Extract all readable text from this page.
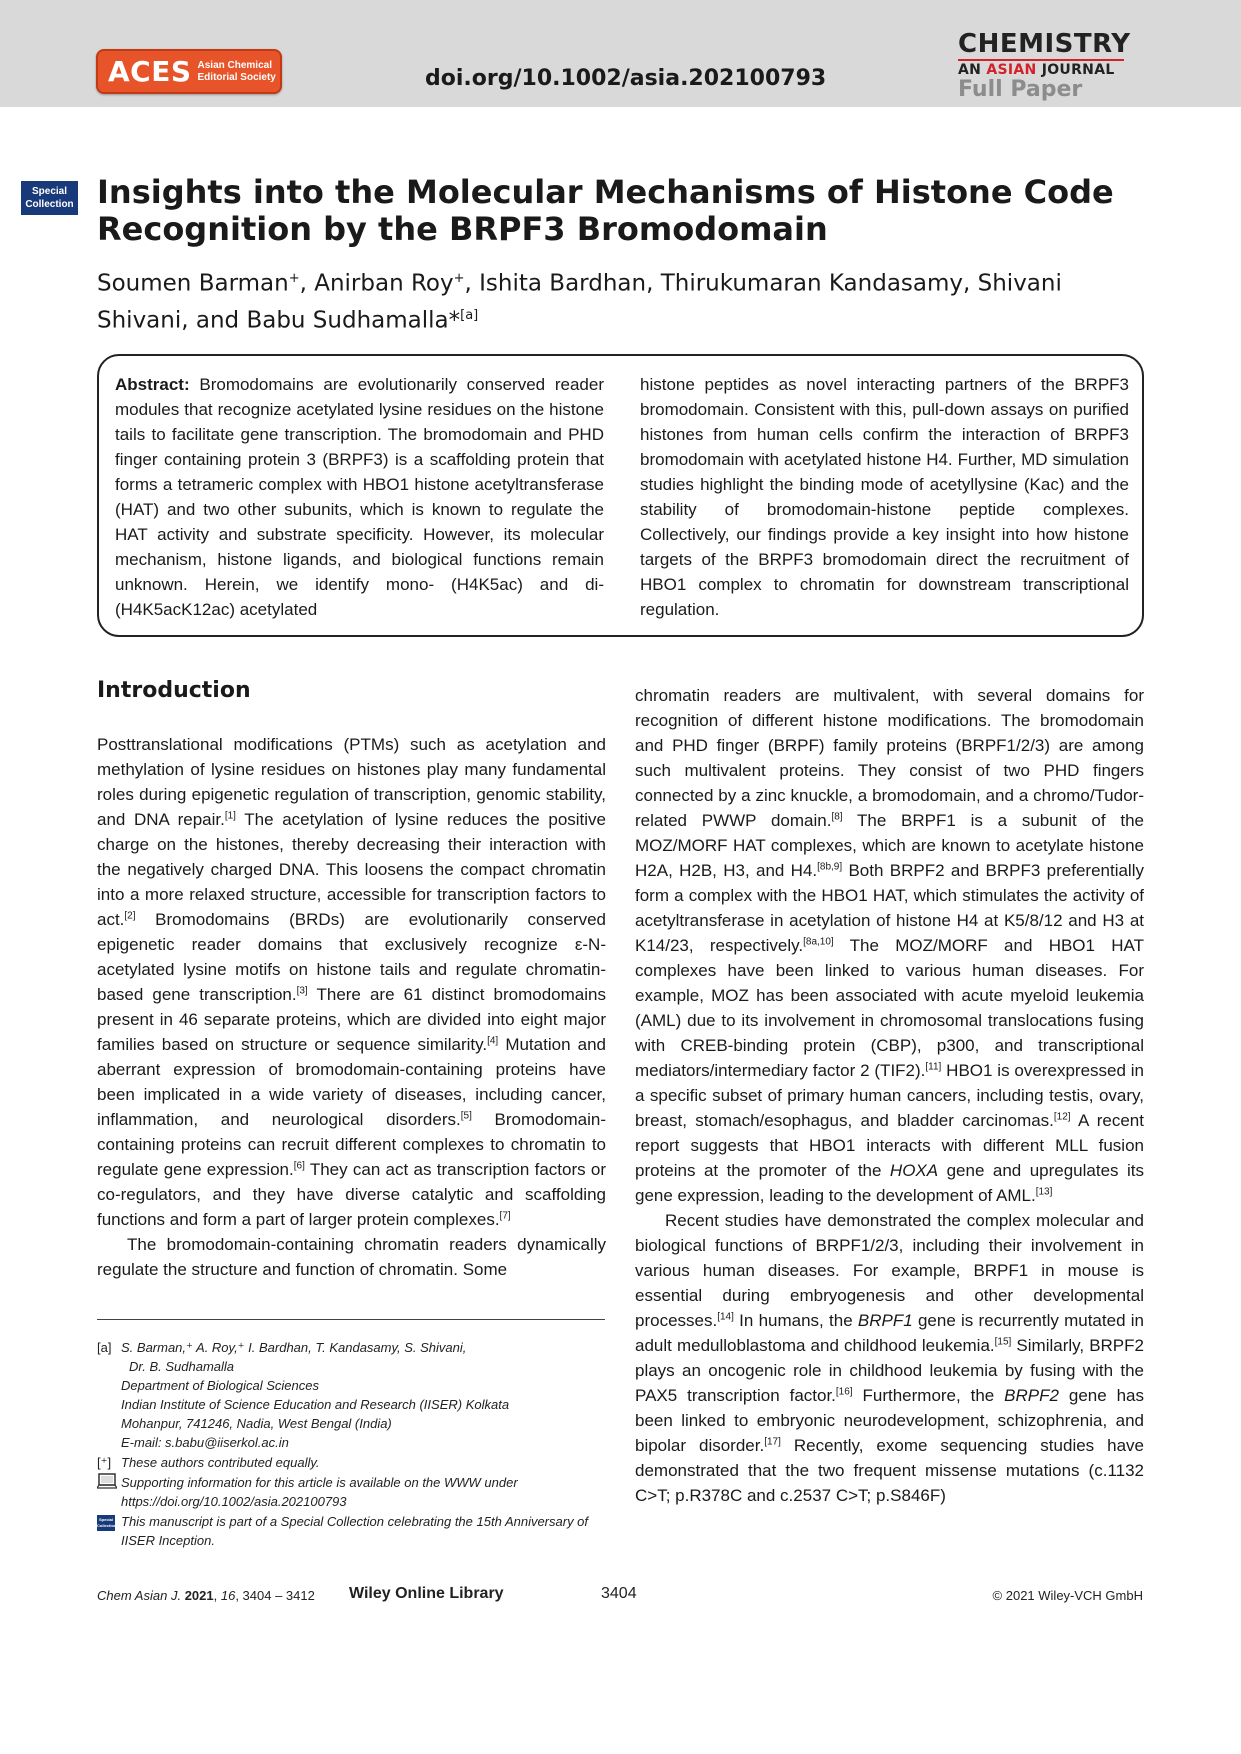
ACES Asian Chemical
Editorial Society	doi.org/10.1002/asia.202100793
CHEMISTRY
AN ASIAN JOURNAL
Full Paper
Special
Collection Insights into the Molecular Mechanisms of Histone Code Recognition by the BRPF3 Bromodomain
Soumen Barman+, Anirban Roy+, Ishita Bardhan, Thirukumaran Kandasamy, Shivani Shivani, and Babu Sudhamalla*[a]
Abstract: Bromodomains are evolutionarily conserved reader modules that recognize acetylated lysine residues on the histone tails to facilitate gene transcription. The bromodomain and PHD finger containing protein 3 (BRPF3) is a scaffolding protein that forms a tetrameric complex with HBO1 histone acetyltransferase (HAT) and two other subunits, which is known to regulate the HAT activity and substrate specificity. However, its molecular mechanism, histone ligands, and biological functions remain unknown. Herein, we identify mono- (H4K5ac) and di- (H4K5acK12ac) acetylated
histone peptides as novel interacting partners of the BRPF3 bromodomain. Consistent with this, pull-down assays on purified histones from human cells confirm the interaction of BRPF3 bromodomain with acetylated histone H4. Further, MD simulation studies highlight the binding mode of acetyllysine (Kac) and the stability of bromodomain-histone peptide complexes. Collectively, our findings provide a key insight into how histone targets of the BRPF3 bromodomain direct the recruitment of HBO1 complex to chromatin for downstream transcriptional regulation.
Introduction

Posttranslational modifications (PTMs) such as acetylation and methylation of lysine residues on histones play many fundamental roles during epigenetic regulation of transcription, genomic stability, and DNA repair.[1] The acetylation of lysine reduces the positive charge on the histones, thereby decreasing their interaction with the negatively charged DNA. This loosens the compact chromatin into a more relaxed structure, accessible for transcription factors to act.[2] Bromodomains (BRDs) are evolutionarily conserved epigenetic reader domains that exclusively recognize ε-N-acetylated lysine motifs on histone tails and regulate chromatin-based gene transcription.[3] There are 61 distinct bromodomains present in 46 separate proteins, which are divided into eight major families based on structure or sequence similarity.[4] Mutation and aberrant expression of bromodomain-containing proteins have been implicated in a wide variety of diseases, including cancer, inflammation, and neurological disorders.[5] Bromodomain-containing proteins can recruit different complexes to chromatin to regulate gene expression.[6] They can act as transcription factors or co-regulators, and they have diverse catalytic and scaffolding functions and form a part of larger protein complexes.[7]

The bromodomain-containing chromatin readers dynamically regulate the structure and function of chromatin. Some

chromatin readers are multivalent, with several domains for recognition of different histone modifications. The bromodomain and PHD finger (BRPF) family proteins (BRPF1/2/3) are among such multivalent proteins. They consist of two PHD fingers connected by a zinc knuckle, a bromodomain, and a chromo/Tudor-related PWWP domain.[8] The BRPF1 is a subunit of the MOZ/MORF HAT complexes, which are known to acetylate histone H2A, H2B, H3, and H4.[8b,9] Both BRPF2 and BRPF3 preferentially form a complex with the HBO1 HAT, which stimulates the activity of acetyltransferase in acetylation of histone H4 at K5/8/12 and H3 at K14/23, respectively.[8a,10] The MOZ/MORF and HBO1 HAT complexes have been linked to various human diseases. For example, MOZ has been associated with acute myeloid leukemia (AML) due to its involvement in chromosomal translocations fusing with CREB-binding protein (CBP), p300, and transcriptional mediators/intermediary factor 2 (TIF2).[11] HBO1 is overexpressed in a specific subset of primary human cancers, including testis, ovary, breast, stomach/esophagus, and bladder carcinomas.[12] A recent report suggests that HBO1 interacts with different MLL fusion proteins at the promoter of the HOXA gene and upregulates its gene expression, leading to the development of AML.[13]

Recent studies have demonstrated the complex molecular and biological functions of BRPF1/2/3, including their involvement in various human diseases. For example, BRPF1 in mouse is essential during embryogenesis and other developmental processes.[14] In humans, the BRPF1 gene is recurrently mutated in adult medulloblastoma and childhood leukemia.[15] Similarly, BRPF2 plays an oncogenic role in childhood leukemia by fusing with the PAX5 transcription factor.[16] Furthermore, the BRPF2 gene has been linked to embryonic neurodevelopment, schizophrenia, and bipolar disorder.[17] Recently, exome sequencing studies have demonstrated that the two frequent missense mutations (c.1132 C>T; p.R378C and c.2537 C>T; p.S846F)

[a] S. Barman,⁺ A. Roy,⁺ I. Bardhan, T. Kandasamy, S. Shivani,
Dr. B. Sudhamalla
Department of Biological Sciences
Indian Institute of Science Education and Research (IISER) Kolkata
Mohanpur, 741246, Nadia, West Bengal (India)
E-mail: s.babu@iiserkol.ac.in
[⁺] These authors contributed equally.
Supporting information for this article is available on the WWW under https://doi.org/10.1002/asia.202100793
Special
Collection This manuscript is part of a Special Collection celebrating the 15th Anniversary of IISER Inception.
Chem Asian J. 2021, 16, 3404 – 3412 Wiley Online Library	3404	© 2021 Wiley-VCH GmbH
